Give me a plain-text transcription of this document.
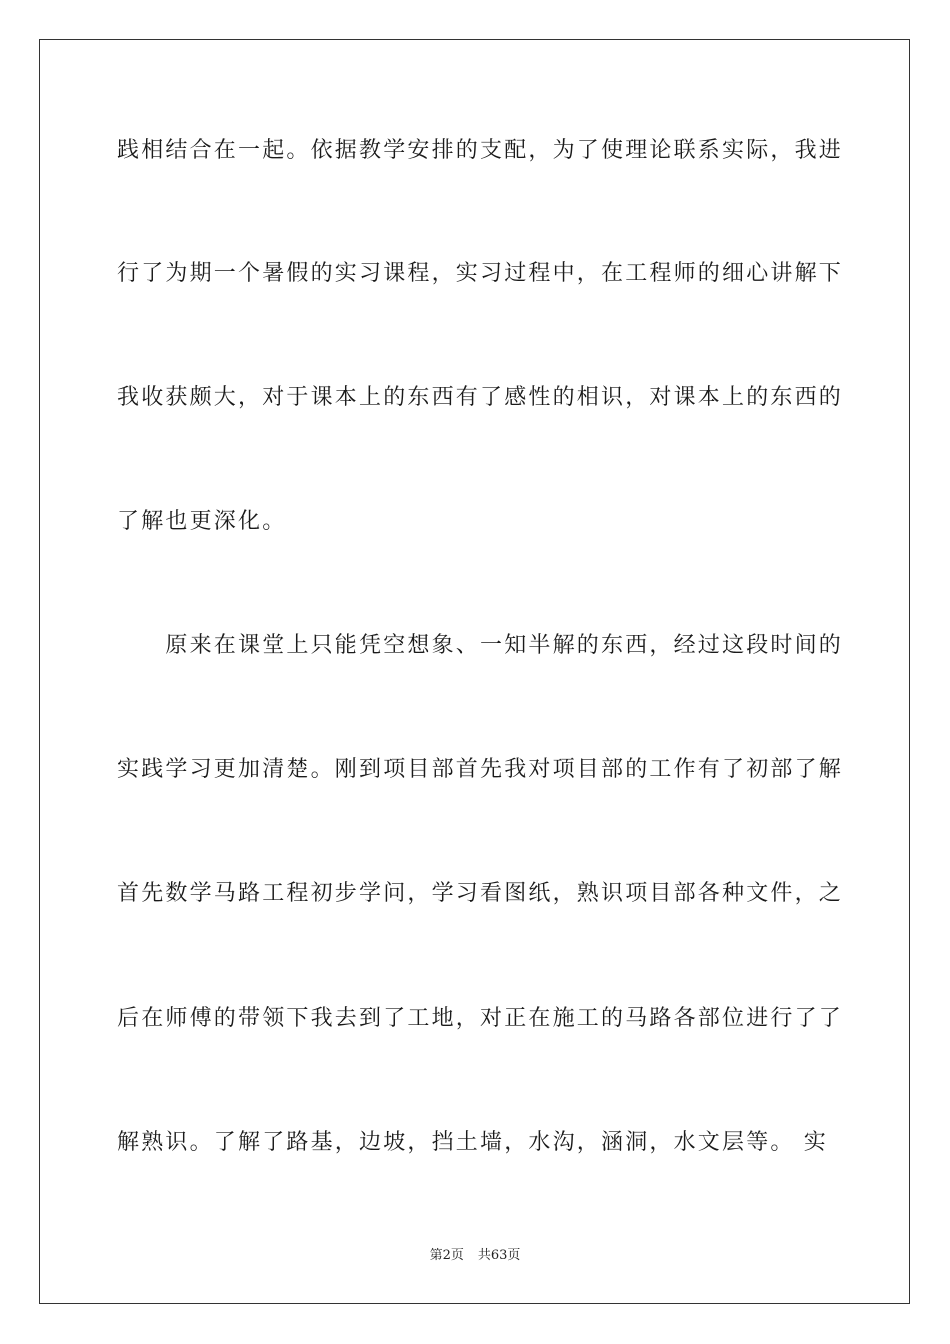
践相结合在一起。依据教学安排的支配，为了使理论联系实际，我进
行了为期一个暑假的实习课程，实习过程中，在工程师的细心讲解下
我收获颇大，对于课本上的东西有了感性的相识，对课本上的东西的
了解也更深化。
　　原来在课堂上只能凭空想象、一知半解的东西，经过这段时间的
实践学习更加清楚。刚到项目部首先我对项目部的工作有了初部了解
首先数学马路工程初步学问，学习看图纸，熟识项目部各种文件，之
后在师傅的带领下我去到了工地，对正在施工的马路各部位进行了了
解熟识。了解了路基，边坡，挡土墙，水沟，涵洞，水文层等。 实
第2页 共63页
